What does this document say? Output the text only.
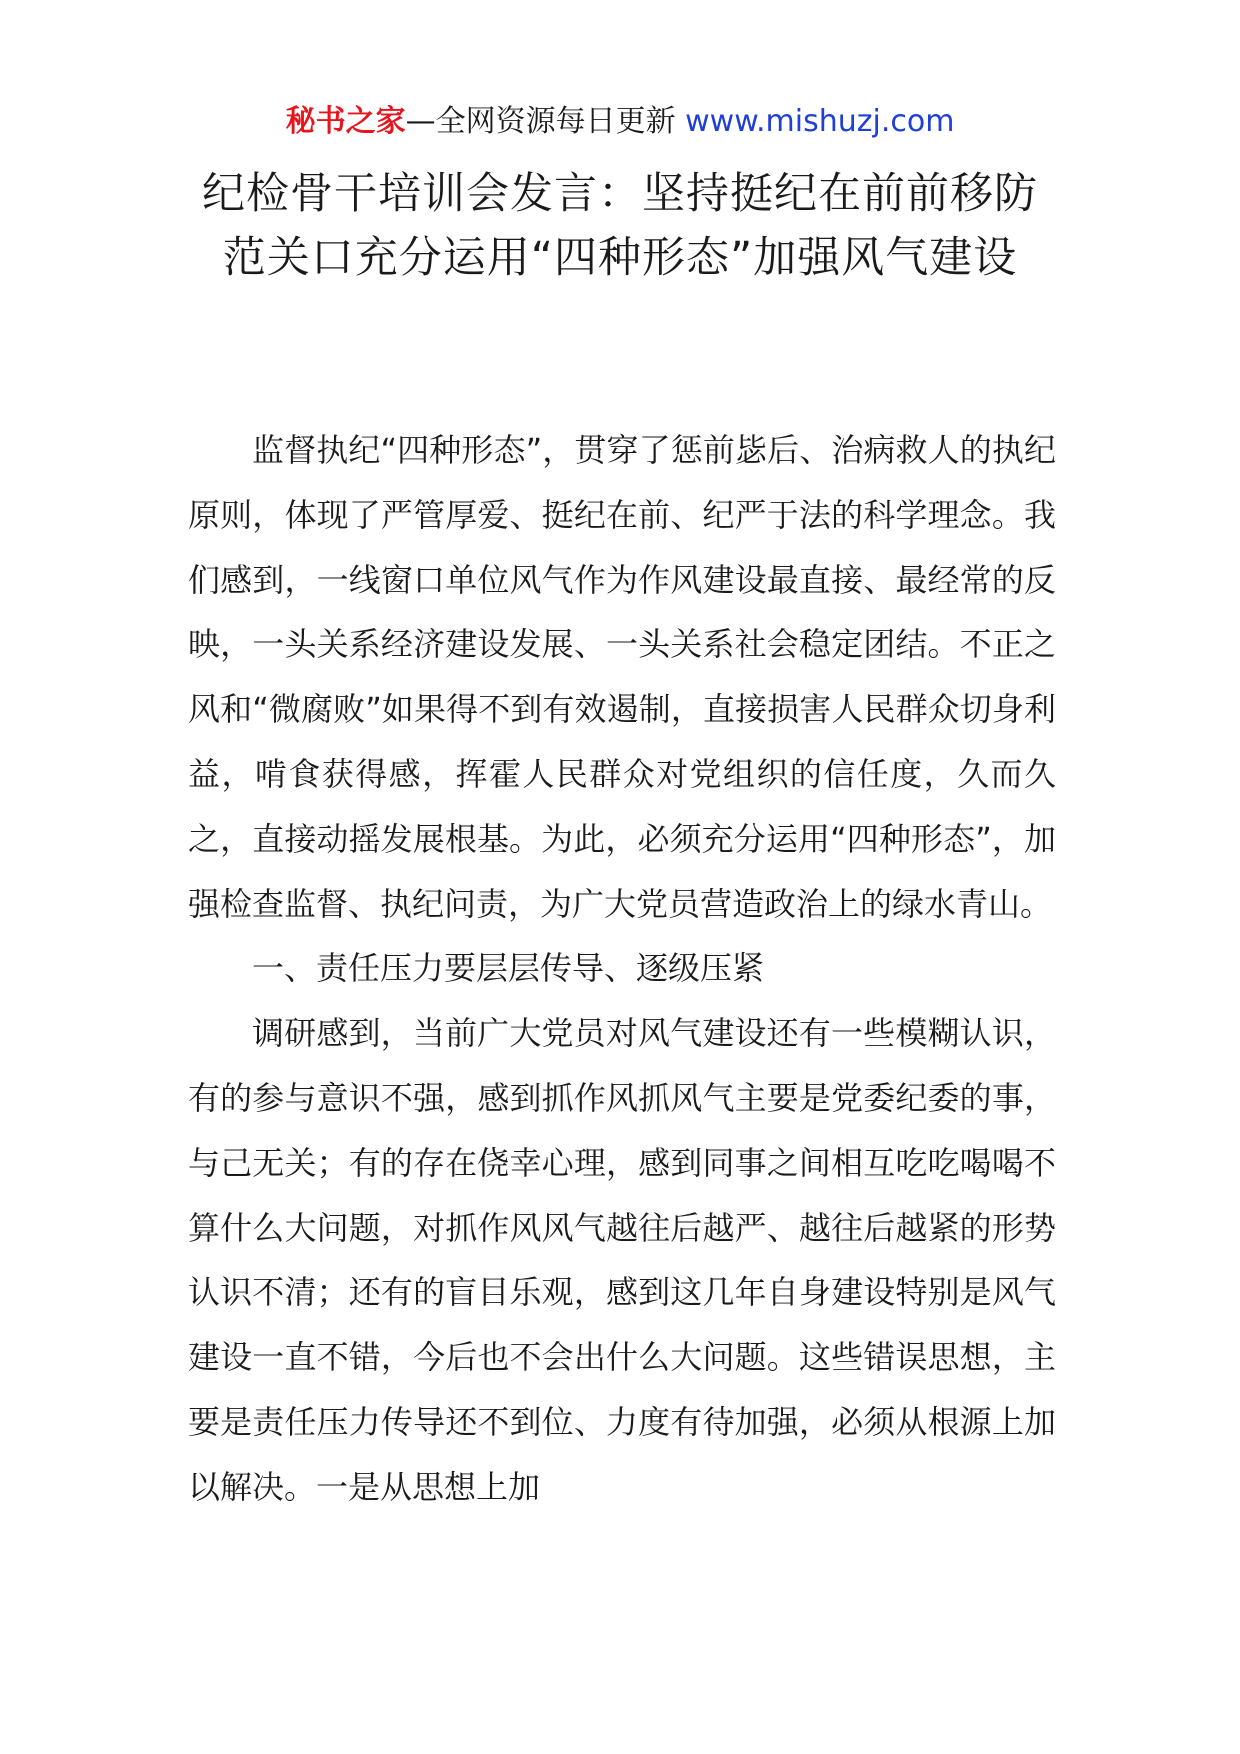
秘书之家—全网资源每日更新 www.mishuzj.com
纪检骨干培训会发言：坚持挺纪在前前移防范关口充分运用“四种形态”加强风气建设

监督执纪“四种形态”，贯穿了惩前毖后、治病救人的执纪原则，体现了严管厚爱、挺纪在前、纪严于法的科学理念。我们感到，一线窗口单位风气作为作风建设最直接、最经常的反映，一头关系经济建设发展、一头关系社会稳定团结。不正之风和“微腐败”如果得不到有效遏制，直接损害人民群众切身利益，啃食获得感，挥霍人民群众对党组织的信任度，久而久之，直接动摇发展根基。为此，必须充分运用“四种形态”，加强检查监督、执纪问责，为广大党员营造政治上的绿水青山。

一、责任压力要层层传导、逐级压紧

调研感到，当前广大党员对风气建设还有一些模糊认识，有的参与意识不强，感到抓作风抓风气主要是党委纪委的事，与己无关；有的存在侥幸心理，感到同事之间相互吃吃喝喝不算什么大问题，对抓作风风气越往后越严、越往后越紧的形势认识不清；还有的盲目乐观，感到这几年自身建设特别是风气建设一直不错，今后也不会出什么大问题。这些错误思想，主要是责任压力传导还不到位、力度有待加强，必须从根源上加以解决。一是从思想上加
